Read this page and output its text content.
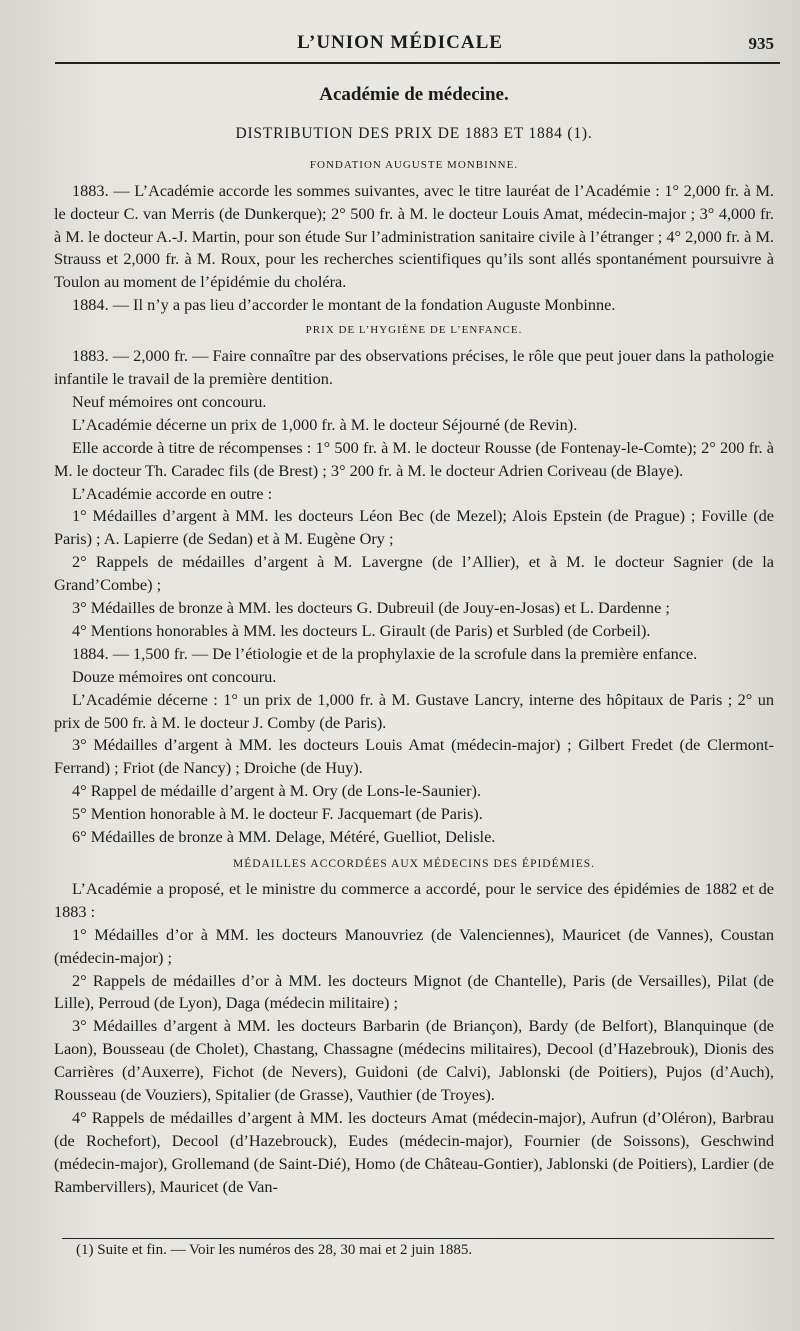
L’UNION MÉDICALE	935

Académie de médecine.

DISTRIBUTION DES PRIX DE 1883 ET 1884 (1).

FONDATION AUGUSTE MONBINNE.

1883. — L’Académie accorde les sommes suivantes, avec le titre lauréat de l’Académie : 1° 2,000 fr. à M. le docteur C. van Merris (de Dunkerque); 2° 500 fr. à M. le docteur Louis Amat, médecin-major ; 3° 4,000 fr. à M. le docteur A.-J. Martin, pour son étude Sur l’administration sanitaire civile à l’étranger ; 4° 2,000 fr. à M. Strauss et 2,000 fr. à M. Roux, pour les recherches scientifiques qu’ils sont allés spontanément poursuivre à Toulon au moment de l’épidémie du choléra.

1884. — Il n’y a pas lieu d’accorder le montant de la fondation Auguste Monbinne.

PRIX DE L’HYGIÈNE DE L’ENFANCE.

1883. — 2,000 fr. — Faire connaître par des observations précises, le rôle que peut jouer dans la pathologie infantile le travail de la première dentition.

Neuf mémoires ont concouru.

L’Académie décerne un prix de 1,000 fr. à M. le docteur Séjourné (de Revin).

Elle accorde à titre de récompenses : 1° 500 fr. à M. le docteur Rousse (de Fontenay-le-Comte); 2° 200 fr. à M. le docteur Th. Caradec fils (de Brest) ; 3° 200 fr. à M. le docteur Adrien Coriveau (de Blaye).

L’Académie accorde en outre :

1° Médailles d’argent à MM. les docteurs Léon Bec (de Mezel); Alois Epstein (de Prague) ; Foville (de Paris) ; A. Lapierre (de Sedan) et à M. Eugène Ory ;

2° Rappels de médailles d’argent à M. Lavergne (de l’Allier), et à M. le docteur Sagnier (de la Grand’Combe) ;

3° Médailles de bronze à MM. les docteurs G. Dubreuil (de Jouy-en-Josas) et L. Dardenne ;

4° Mentions honorables à MM. les docteurs L. Girault (de Paris) et Surbled (de Corbeil).

1884. — 1,500 fr. — De l’étiologie et de la prophylaxie de la scrofule dans la première enfance.

Douze mémoires ont concouru.

L’Académie décerne : 1° un prix de 1,000 fr. à M. Gustave Lancry, interne des hôpitaux de Paris ; 2° un prix de 500 fr. à M. le docteur J. Comby (de Paris).

3° Médailles d’argent à MM. les docteurs Louis Amat (médecin-major) ; Gilbert Fredet (de Clermont-Ferrand) ; Friot (de Nancy) ; Droiche (de Huy).

4° Rappel de médaille d’argent à M. Ory (de Lons-le-Saunier).

5° Mention honorable à M. le docteur F. Jacquemart (de Paris).

6° Médailles de bronze à MM. Delage, Météré, Guelliot, Delisle.

MÉDAILLES ACCORDÉES AUX MÉDECINS DES ÉPIDÉMIES.

L’Académie a proposé, et le ministre du commerce a accordé, pour le service des épidémies de 1882 et de 1883 :

1° Médailles d’or à MM. les docteurs Manouvriez (de Valenciennes), Mauricet (de Vannes), Coustan (médecin-major) ;

2° Rappels de médailles d’or à MM. les docteurs Mignot (de Chantelle), Paris (de Versailles), Pilat (de Lille), Perroud (de Lyon), Daga (médecin militaire) ;

3° Médailles d’argent à MM. les docteurs Barbarin (de Briançon), Bardy (de Belfort), Blanquinque (de Laon), Bousseau (de Cholet), Chastang, Chassagne (médecins militaires), Decool (d’Hazebrouk), Dionis des Carrières (d’Auxerre), Fichot (de Nevers), Guidoni (de Calvi), Jablonski (de Poitiers), Pujos (d’Auch), Rousseau (de Vouziers), Spitalier (de Grasse), Vauthier (de Troyes).

4° Rappels de médailles d’argent à MM. les docteurs Amat (médecin-major), Aufrun (d’Oléron), Barbrau (de Rochefort), Decool (d’Hazebrouck), Eudes (médecin-major), Fournier (de Soissons), Geschwind (médecin-major), Grollemand (de Saint-Dié), Homo (de Château-Gontier), Jablonski (de Poitiers), Lardier (de Rambervillers), Mauricet (de Van-

(1) Suite et fin. — Voir les numéros des 28, 30 mai et 2 juin 1885.
